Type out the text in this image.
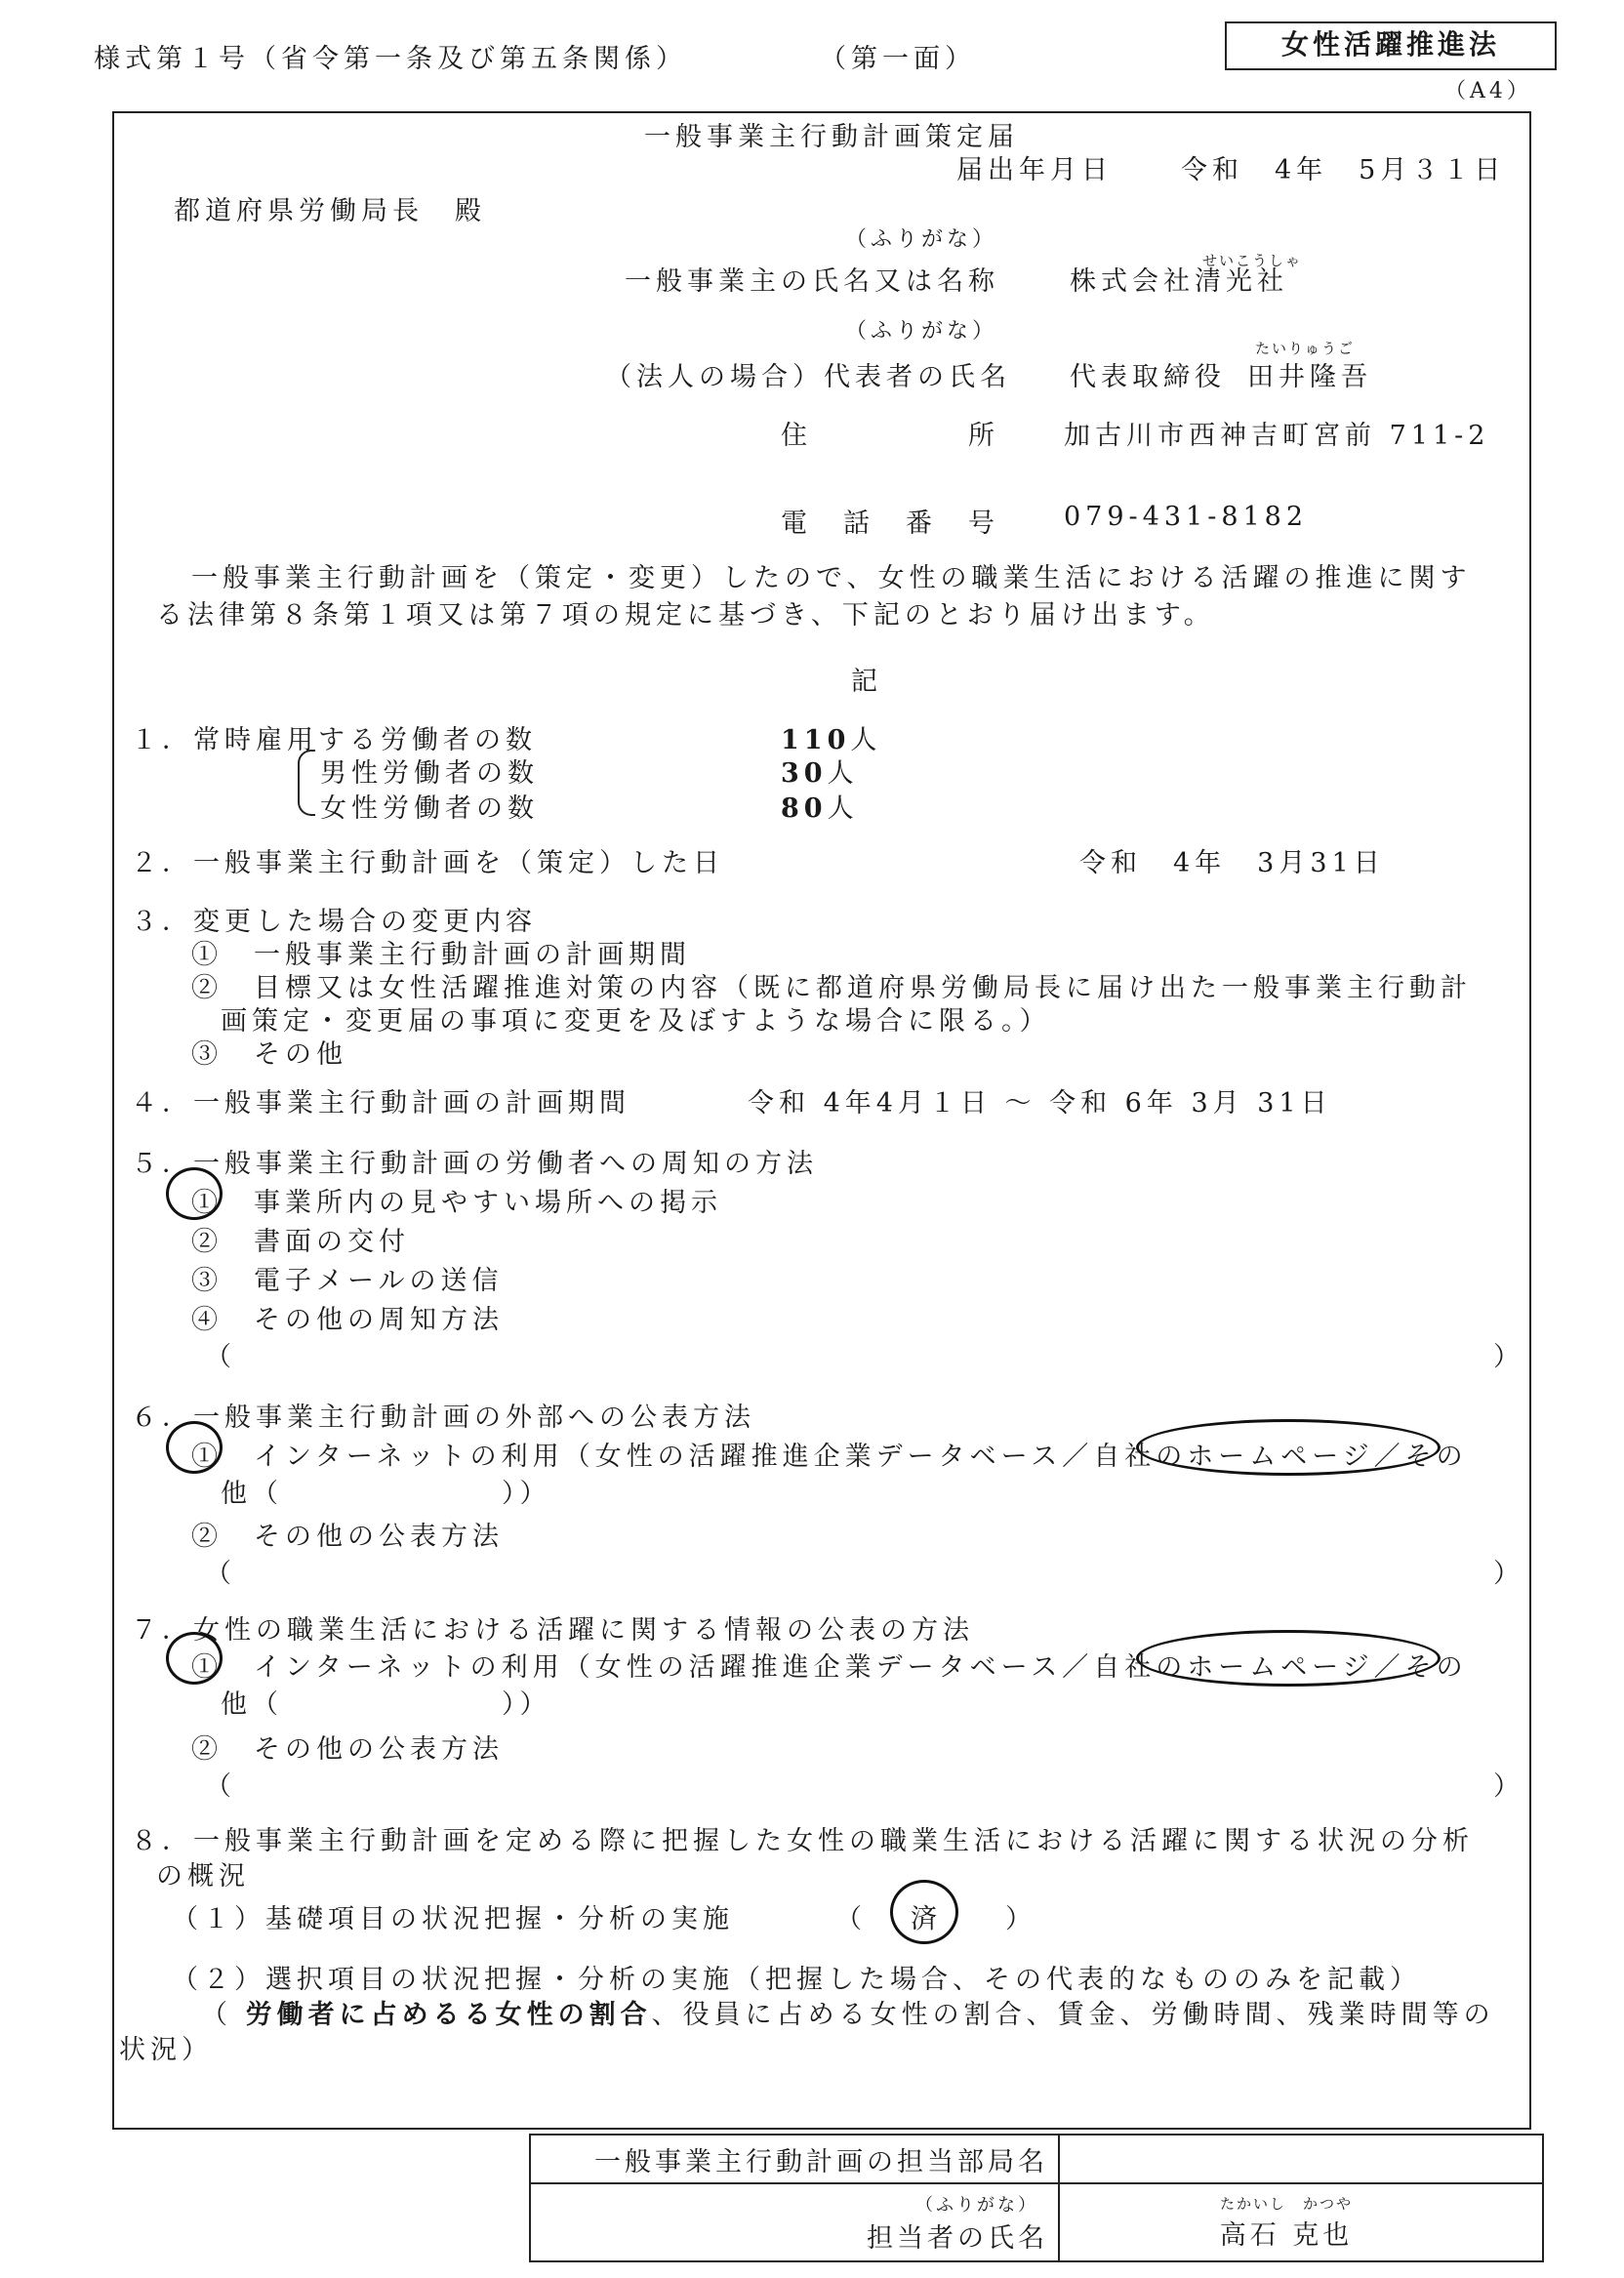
様式第１号（省令第一条及び第五条関係）	（第一面）	女性活躍推進法
（A4）
一般事業主行動計画策定届
届出年月日	令和　4年　5月３１日
都道府県労働局長　殿
（ふりがな）
一般事業主の氏名又は名称
せいこうしゃ
株式会社清光社
（ふりがな）
（法人の場合）代表者の氏名 代表取締役
たいりゅうご
田井隆吾
住	所 加古川市西神吉町宮前 711-2
電　話　番　号 079-431-8182
一般事業主行動計画を（策定・変更）したので、女性の職業生活における活躍の推進に関す
る法律第８条第１項又は第７項の規定に基づき、下記のとおり届け出ます。
記
１．常時雇用する労働者の数	110人
男性労働者の数	30人
女性労働者の数	80人
２．一般事業主行動計画を（策定）した日	令和　4年　3月31日
３．変更した場合の変更内容
①　一般事業主行動計画の計画期間
②　目標又は女性活躍推進対策の内容（既に都道府県労働局長に届け出た一般事業主行動計
画策定・変更届の事項に変更を及ぼすような場合に限る。）
③　その他
４．一般事業主行動計画の計画期間	令和 4年4月１日 ～ 令和 6年 3月 31日
５．一般事業主行動計画の労働者への周知の方法
①　事業所内の見やすい場所への掲示
②　書面の交付
③　電子メールの送信
④　その他の周知方法
（	）
６．一般事業主行動計画の外部への公表方法
①　インターネットの利用（女性の活躍推進企業データベース／自社のホームページ／その
他（　　　　　　　））
②　その他の公表方法
（	）
７．女性の職業生活における活躍に関する情報の公表の方法
①　インターネットの利用（女性の活躍推進企業データベース／自社のホームページ／その
他（　　　　　　　））
②　その他の公表方法
（	）
８．一般事業主行動計画を定める際に把握した女性の職業生活における活躍に関する状況の分析
の概況
（１）基礎項目の状況把握・分析の実施	（ 済 ）
（２）選択項目の状況把握・分析の実施（把握した場合、その代表的なもののみを記載）
（ 労働者に占めるる女性の割合、役員に占める女性の割合、賃金、労働時間、残業時間等の
状況）
一般事業主行動計画の担当部局名	

（ふりがな）
担当者の氏名	たかいし　かつや
高石 克也
